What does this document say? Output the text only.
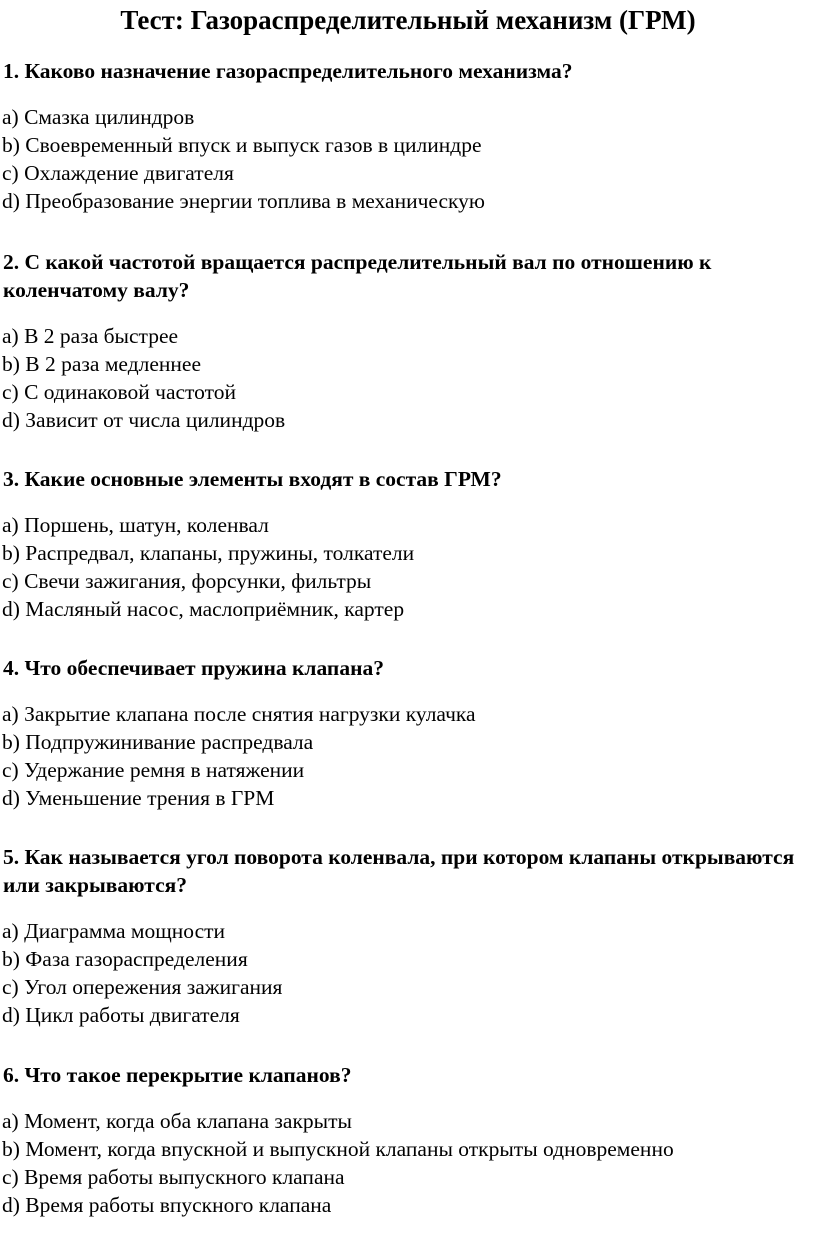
Тест: Газораспределительный механизм (ГРМ)

1. Каково назначение газораспределительного механизма?

a) Смазка цилиндров
b) Своевременный впуск и выпуск газов в цилиндре
c) Охлаждение двигателя
d) Преобразование энергии топлива в механическую

2. С какой частотой вращается распределительный вал по отношению к коленчатому валу?

a) В 2 раза быстрее
b) В 2 раза медленнее
c) С одинаковой частотой
d) Зависит от числа цилиндров

3. Какие основные элементы входят в состав ГРМ?

a) Поршень, шатун, коленвал
b) Распредвал, клапаны, пружины, толкатели
c) Свечи зажигания, форсунки, фильтры
d) Масляный насос, маслоприёмник, картер

4. Что обеспечивает пружина клапана?

a) Закрытие клапана после снятия нагрузки кулачка
b) Подпружинивание распредвала
c) Удержание ремня в натяжении
d) Уменьшение трения в ГРМ

5. Как называется угол поворота коленвала, при котором клапаны открываются или закрываются?

a) Диаграмма мощности
b) Фаза газораспределения
c) Угол опережения зажигания
d) Цикл работы двигателя

6. Что такое перекрытие клапанов?

a) Момент, когда оба клапана закрыты
b) Момент, когда впускной и выпускной клапаны открыты одновременно
c) Время работы выпускного клапана
d) Время работы впускного клапана
